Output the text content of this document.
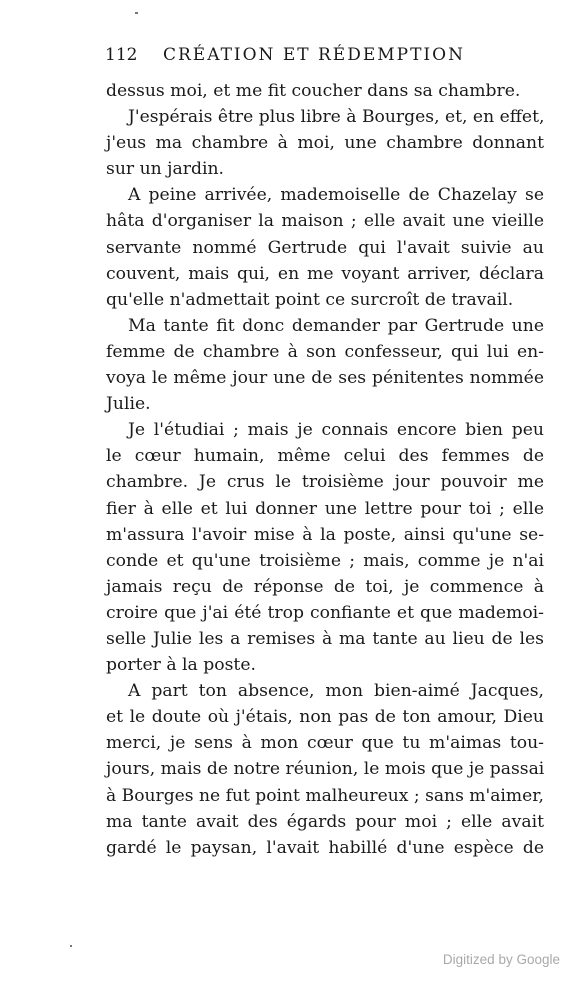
112 CRÉATION ET RÉDEMPTION
dessus moi, et me fit coucher dans sa chambre.
J'espérais être plus libre à Bourges, et, en effet,
j'eus ma chambre à moi, une chambre donnant
sur un jardin.
A peine arrivée, mademoiselle de Chazelay se
hâta d'organiser la maison ; elle avait une vieille
servante nommé Gertrude qui l'avait suivie au
couvent, mais qui, en me voyant arriver, déclara
qu'elle n'admettait point ce surcroît de travail.
Ma tante fit donc demander par Gertrude une
femme de chambre à son confesseur, qui lui en-
voya le même jour une de ses pénitentes nommée
Julie.
Je l'étudiai ; mais je connais encore bien peu
le cœur humain, même celui des femmes de
chambre. Je crus le troisième jour pouvoir me
fier à elle et lui donner une lettre pour toi ; elle
m'assura l'avoir mise à la poste, ainsi qu'une se-
conde et qu'une troisième ; mais, comme je n'ai
jamais reçu de réponse de toi, je commence à
croire que j'ai été trop confiante et que mademoi-
selle Julie les a remises à ma tante au lieu de les
porter à la poste.
A part ton absence, mon bien-aimé Jacques,
et le doute où j'étais, non pas de ton amour, Dieu
merci, je sens à mon cœur que tu m'aimas tou-
jours, mais de notre réunion, le mois que je passai
à Bourges ne fut point malheureux ; sans m'aimer,
ma tante avait des égards pour moi ; elle avait
gardé le paysan, l'avait habillé d'une espèce de
Digitized by Google
